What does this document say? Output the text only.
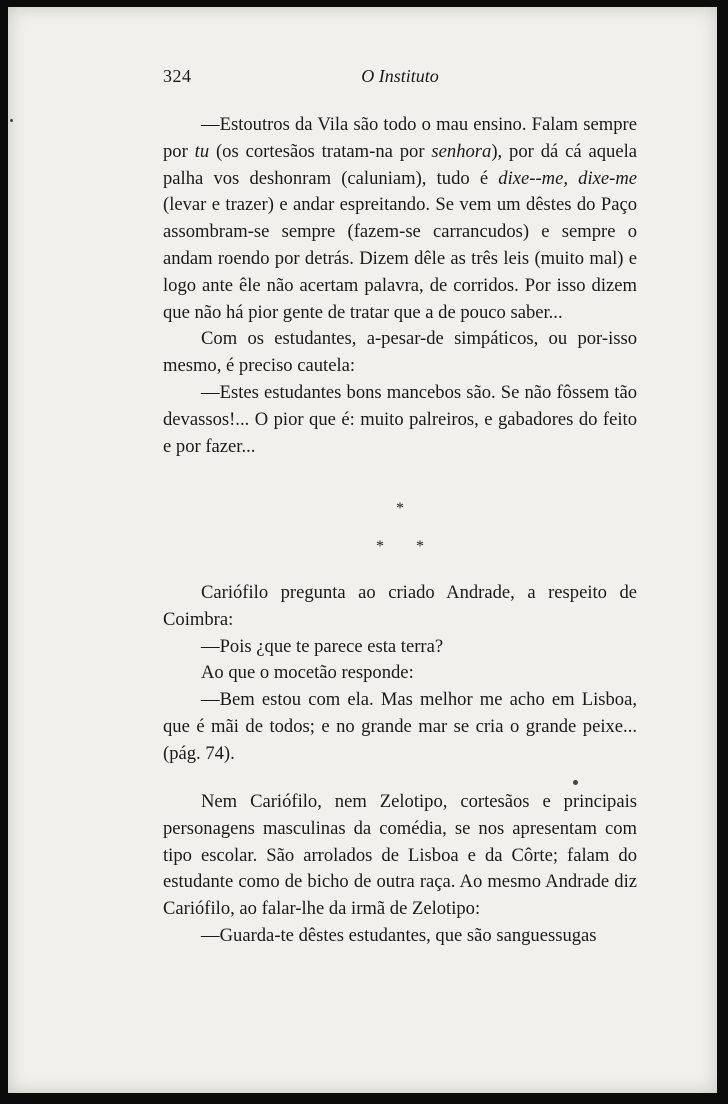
324	O Instituto

—Estoutros da Vila são todo o mau ensino. Falam sempre por tu (os cortesãos tratam-na por senhora), por dá cá aquela palha vos deshonram (caluniam), tudo é dixe--me, dixe-me (levar e trazer) e andar espreitando. Se vem um dêstes do Paço assombram-se sempre (fazem-se carrancudos) e sempre o andam roendo por detrás. Dizem dêle as três leis (muito mal) e logo ante êle não acertam palavra, de corridos. Por isso dizem que não há pior gente de tratar que a de pouco saber...

Com os estudantes, a-pesar-de simpáticos, ou por-isso mesmo, é preciso cautela:

—Estes estudantes bons mancebos são. Se não fôssem tão devassos!... O pior que é: muito palreiros, e gabadores do feito e por fazer...

*
* *

Cariófilo pregunta ao criado Andrade, a respeito de Coimbra:

—Pois ¿que te parece esta terra?

Ao que o mocetão responde:

—Bem estou com ela. Mas melhor me acho em Lisboa, que é mãi de todos; e no grande mar se cria o grande peixe... (pág. 74).

Nem Cariófilo, nem Zelotipo, cortesãos e principais personagens masculinas da comédia, se nos apresentam com tipo escolar. São arrolados de Lisboa e da Côrte; falam do estudante como de bicho de outra raça. Ao mesmo Andrade diz Cariófilo, ao falar-lhe da irmã de Zelotipo:

—Guarda-te dêstes estudantes, que são sanguessugas
